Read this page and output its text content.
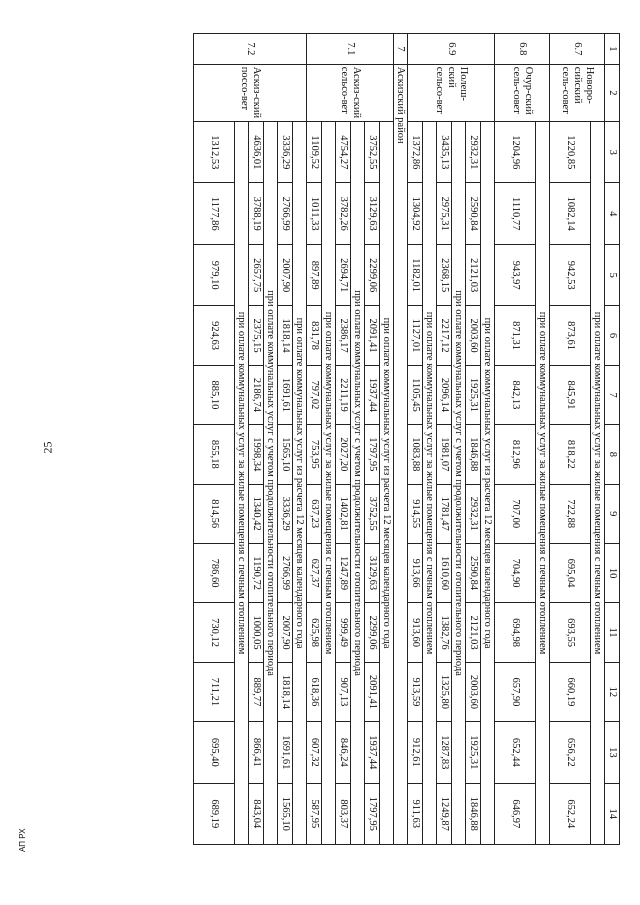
25
АП РХ
1	2	3	4	5	6	7	8	9	10	11	12	13	14
6.7	Новоро-сийский сель-совет	при оплате коммунальных услуг за жилые помещения с печным отоплением											
		1220,85	1082,14	942,53	873,61	845,91	818,22	722,88	695,04	693,55	660,19	656,22	652,24
6.8	Очур-ский сель-совет	при оплате коммунальных услуг за жилые помещения с печным отоплением											
		1204,96	1110,77	943,97	871,31	842,13	812,96	707,00	704,90	694,98	657,90	652,44	646,97
6.9	Полеш-ский сельсо-вет	при оплате коммунальных услуг из расчета 12 месяцев календарного года											
		2932,31	2590,84	2121,03	2003,60	1925,31	1846,88	2932,31	2590,84	2121,03	2003,60	1925,31	1846,88
		при оплате коммунальных услуг с учетом продолжительности отопительного периода											
		3435,13	2975,31	2368,15	2217,12	2096,14	1981,07	1781,47	1610,60	1382,76	1325,80	1287,83	1249,87
		при оплате коммунальных услуг за жилые помещения с печным отоплением											
		1372,86	1304,92	1182,01	1127,01	1105,45	1083,88	914,55	913,66	913,60	913,59	912,61	911,63
7	Аскизский район												
7.1	Аскиз-ский сельсо-вет	при оплате коммунальных услуг из расчета 12 месяцев календарного года											
		3752,55	3129,63	2299,06	2091,41	1937,44	1797,95	3752,55	3129,63	2299,06	2091,41	1937,44	1797,95
		при оплате коммунальных услуг с учетом продолжительности отопительного периода											
		4754,27	3782,26	2694,71	2386,17	2211,19	2027,20	1402,81	1247,89	999,49	907,13	846,24	803,37
		при оплате коммунальных услуг за жилые помещения с печным отоплением											
		1109,52	1011,33	897,89	831,78	797,02	753,95	637,23	627,37	625,98	618,36	607,32	587,95
7.2	Аскиз-ский поссо-вет	при оплате коммунальных услуг из расчета 12 месяцев календарного года											
		3336,29	2766,99	2007,90	1818,14	1691,61	1565,10	3336,29	2766,99	2007,90	1818,14	1691,61	1565,10
		при оплате коммунальных услуг с учетом продолжительности отопительного периода											
		4636,01	3788,19	2657,75	2375,15	2186,74	1998,34	1340,42	1190,72	1000,05	889,77	866,41	843,04
		при оплате коммунальных услуг за жилые помещения с печным отоплением											
		1312,53	1177,86	979,10	924,63	885,10	855,18	814,56	786,60	730,12	711,21	695,40	689,19
